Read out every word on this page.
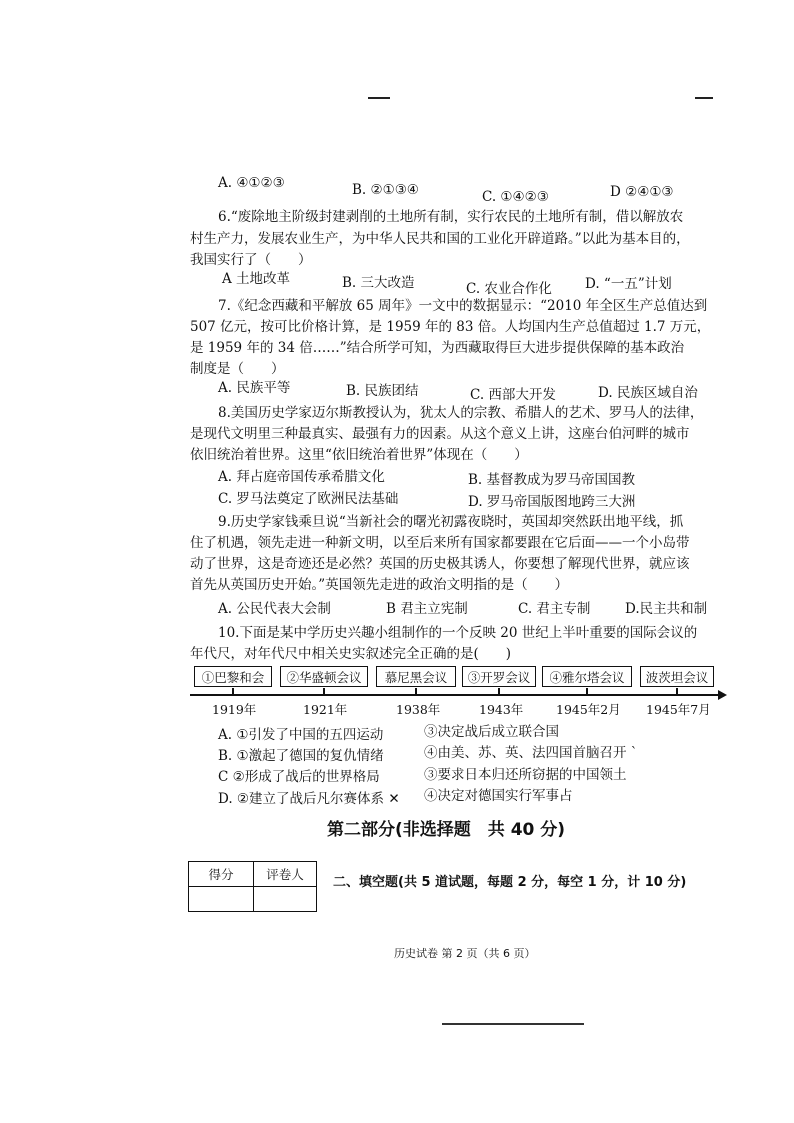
A. ④①②③	B. ②①③④	C. ①④②③	D ②④①③
6.“废除地主阶级封建剥削的土地所有制，实行农民的土地所有制，借以解放农
村生产力，发展农业生产，为中华人民共和国的工业化开辟道路。”以此为基本目的，
我国实行了（　　）
A 土地改革	B. 三大改造	C. 农业合作化 D. “一五”计划
7.《纪念西藏和平解放 65 周年》一文中的数据显示：“2010 年全区生产总值达到
507 亿元，按可比价格计算，是 1959 年的 83 倍。人均国内生产总值超过 1.7 万元，
是 1959 年的 34 倍……”结合所学可知，为西藏取得巨大进步提供保障的基本政治
制度是（　　）
A. 民族平等	B. 民族团结	C. 西部大开发	D. 民族区域自治
8.美国历史学家迈尔斯教授认为，犹太人的宗教、希腊人的艺术、罗马人的法律，
是现代文明里三种最真实、最强有力的因素。从这个意义上讲，这座台伯河畔的城市
依旧统治着世界。这里“依旧统治着世界”体现在（　　）
A. 拜占庭帝国传承希腊文化	B. 基督教成为罗马帝国国教
C. 罗马法奠定了欧洲民法基础	D. 罗马帝国版图地跨三大洲
9.历史学家钱乘旦说“当新社会的曙光初露夜晓时，英国却突然跃出地平线，抓
住了机遇，领先走进一种新文明，以至后来所有国家都要跟在它后面——一个小岛带
动了世界，这是奇迹还是必然？英国的历史极其诱人，你要想了解现代世界，就应该
首先从英国历史开始。”英国领先走进的政治文明指的是（　　）
A. 公民代表大会制	B 君主立宪制	C. 君主专制	D.民主共和制
10.下面是某中学历史兴趣小组制作的一个反映 20 世纪上半叶重要的国际会议的
年代尺，对年代尺中相关史实叙述完全正确的是(　　)
①巴黎和会	②华盛顿会议	慕尼黑会议	③开罗会议	④雅尔塔会议	波茨坦会议
1919年	1921年	1938年	1943年	1945年2月 1945年7月
A. ①引发了中国的五四运动
B. ①激起了德国的复仇情绪
C ②形成了战后的世界格局
D. ②建立了战后凡尔赛体系 ✕
③决定战后成立联合国
④由美、苏、英、法四国首脑召开 `
③要求日本归还所窃据的中国领土
④决定对德国实行军事占
第二部分(非选择题　共 40 分)
得分	评卷人

二、填空题(共 5 道试题，每题 2 分，每空 1 分，计 10 分)
历史试卷 第 2 页（共 6 页）
